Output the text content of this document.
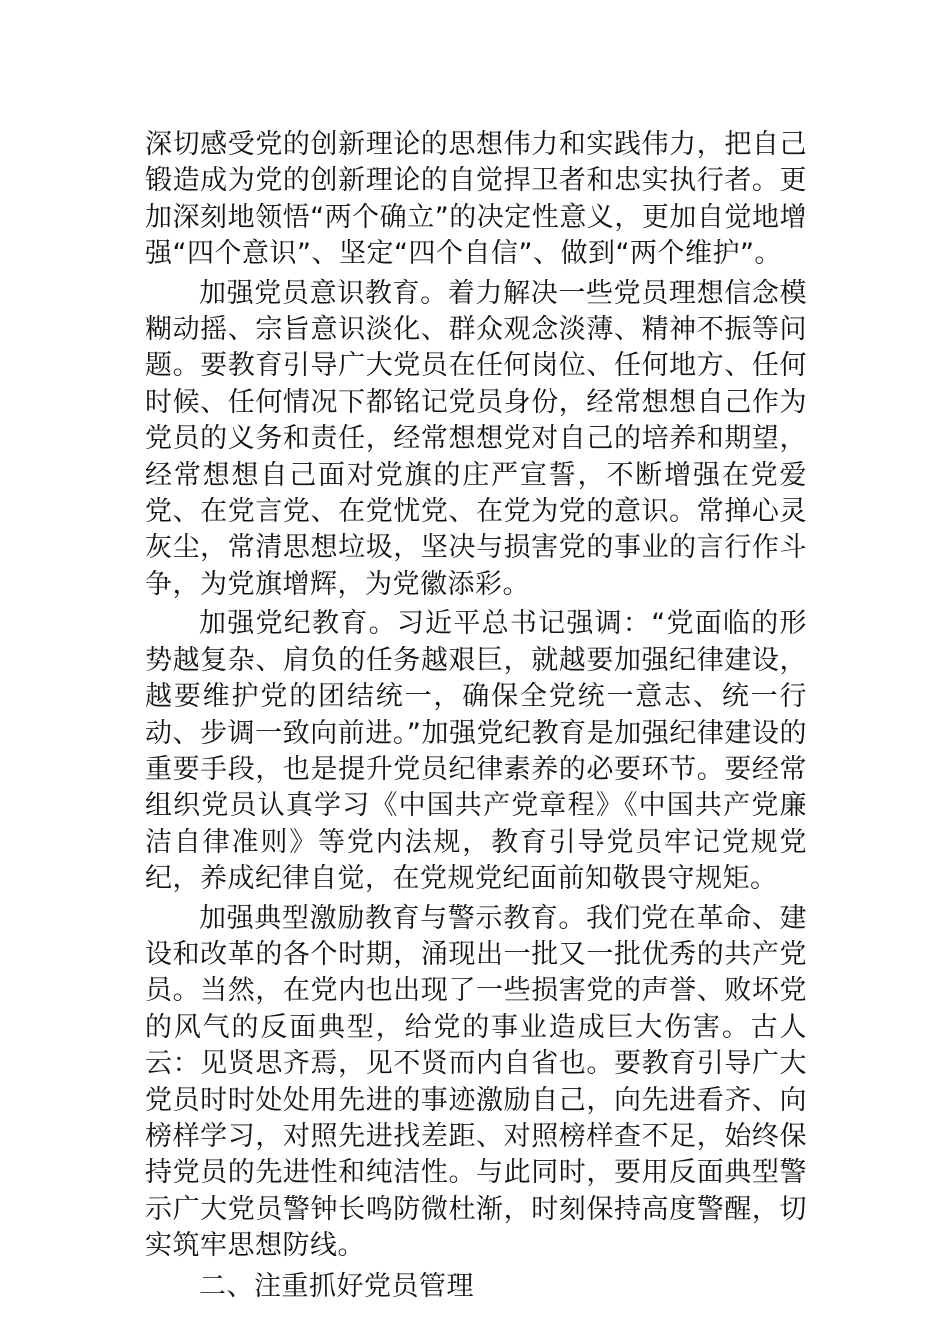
深切感受党的创新理论的思想伟力和实践伟力，把自己锻造成为党的创新理论的自觉捍卫者和忠实执行者。更加深刻地领悟“两个确立”的决定性意义，更加自觉地增强“四个意识”、坚定“四个自信”、做到“两个维护”。

加强党员意识教育。着力解决一些党员理想信念模糊动摇、宗旨意识淡化、群众观念淡薄、精神不振等问题。要教育引导广大党员在任何岗位、任何地方、任何时候、任何情况下都铭记党员身份，经常想想自己作为党员的义务和责任，经常想想党对自己的培养和期望，经常想想自己面对党旗的庄严宣誓，不断增强在党爱党、在党言党、在党忧党、在党为党的意识。常掸心灵灰尘，常清思想垃圾，坚决与损害党的事业的言行作斗争，为党旗增辉，为党徽添彩。

加强党纪教育。习近平总书记强调：“党面临的形势越复杂、肩负的任务越艰巨，就越要加强纪律建设，越要维护党的团结统一，确保全党统一意志、统一行动、步调一致向前进。”加强党纪教育是加强纪律建设的重要手段，也是提升党员纪律素养的必要环节。要经常组织党员认真学习《中国共产党章程》《中国共产党廉洁自律准则》等党内法规，教育引导党员牢记党规党纪，养成纪律自觉，在党规党纪面前知敬畏守规矩。

加强典型激励教育与警示教育。我们党在革命、建设和改革的各个时期，涌现出一批又一批优秀的共产党员。当然，在党内也出现了一些损害党的声誉、败坏党的风气的反面典型，给党的事业造成巨大伤害。古人云：见贤思齐焉，见不贤而内自省也。要教育引导广大党员时时处处用先进的事迹激励自己，向先进看齐、向榜样学习，对照先进找差距、对照榜样查不足，始终保持党员的先进性和纯洁性。与此同时，要用反面典型警示广大党员警钟长鸣防微杜渐，时刻保持高度警醒，切实筑牢思想防线。

二、注重抓好党员管理
